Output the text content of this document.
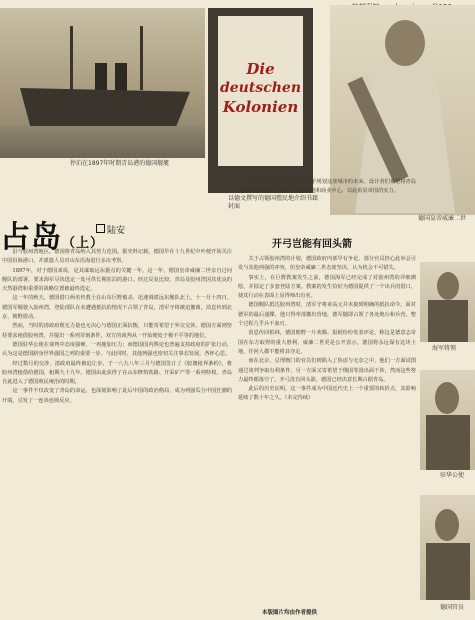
停泊在1897年时期青岛港的德国舰艇
Die
deutschen
Kolonien
以德文撰写的德国殖民地介绍书籍封面
德国皇帝威廉二世
占岛（上）
陆安

沿与胶州湾地区，德国将青岛纳入其势力范围。据史料记载，德国早在十九世纪中叶便开始关注中国沿海港口，并派遣人员对山东沿海进行多次考察。

1897年，对于德国来说，是其谋取远东据点的关键一年。这一年，德国皇帝威廉二世亲自过问舰队的部署，要求海军尽快选定一处可供长期驻泊的港口。经过反复比较，青岛及胶州湾因其优良的天然港湾和重要的战略位置被最终选定。

这一年的秋天，德国借口两名传教士在山东巨野被杀，迅速调派远东舰队北上。十一月十四日，德国军舰驶入胶州湾，登陆部队在未遭遇抵抗的情况下占领了青岛，清军守将被迫撤离。消息传到北京，朝野震动。

然而，当时的清政府既无力量也无决心与德国正面抗衡，只能寄希望于外交交涉。德国方面则坚持要求租借胶州湾，并提出一系列苛刻条件，双方的谈判从一开始便处于极不平等的地位。

德国驻华公使在谈判中态度强硬，一再施加压力；而德国国内舆论也普遍支持政府的扩张行动，认为这是德国跻身世界强国之列的重要一步。与此同时，其他列强也密切关注事态发展，各怀心思。

经过数月的交涉，清政府最终被迫让步，于一八九八年三月与德国签订了《胶澳租界条约》，将胶州湾租借给德国，租期九十九年。德国由此获得了在山东修筑铁路、开采矿产等一系列特权，青岛自此进入了德国殖民统治的时期。

这一事件不仅改变了青岛的命运，也深刻影响了此后中国的政治格局，成为列强瓜分中国狂潮的开端，引发了一连串连锁反应。

占领胶州湾后，德国人便着手规划这座城市的未来，设计者们希望将青岛建设成为德国在远东的样板殖民地和商业中心，以此彰显帝国的实力。

开弓岂能有回头箭

关于占领胶州湾的计划，德国政府内部早有争论。部分官员担心此举会引发与其他列强的冲突，但皇帝威廉二世态度坚决，认为机会不可错失。

事实上，在巨野教案发生之前，德国海军已经完成了对胶州湾的详细测绘，并拟定了多套登陆方案。教案的发生恰好为德国提供了一个出兵的借口，使其行动在表面上显得师出有名。

德国舰队抵达胶州湾时，清军守将章高元并未接到明确的抵抗命令。面对德军的最后通牒，他只得率部撤出营地，德军随即占领了各处炮台和兵营，整个过程几乎兵不血刃。

消息传回柏林，德国朝野一片欢腾。报纸纷纷发表评论，称这是德意志帝国在东方取得的重大胜利。威廉二世更是公开表示，德国将永远保有这块土地，任何人都不能将其夺走。

而在北京，总理衙门的官员们则陷入了焦虑与无奈之中。他们一方面试图通过谈判争取有利条件，另一方面又寄希望于俄国等国出面干涉，然而这些努力最终都落空了。开弓没有回头箭，德国已经决意长期占据青岛。

此后的历史证明，这一事件成为中国近代史上一个重要的转折点，其影响延续了数十年之久。（未完待续）

海军将领
驻华公使
德国官员
本版图片均由作者提供
